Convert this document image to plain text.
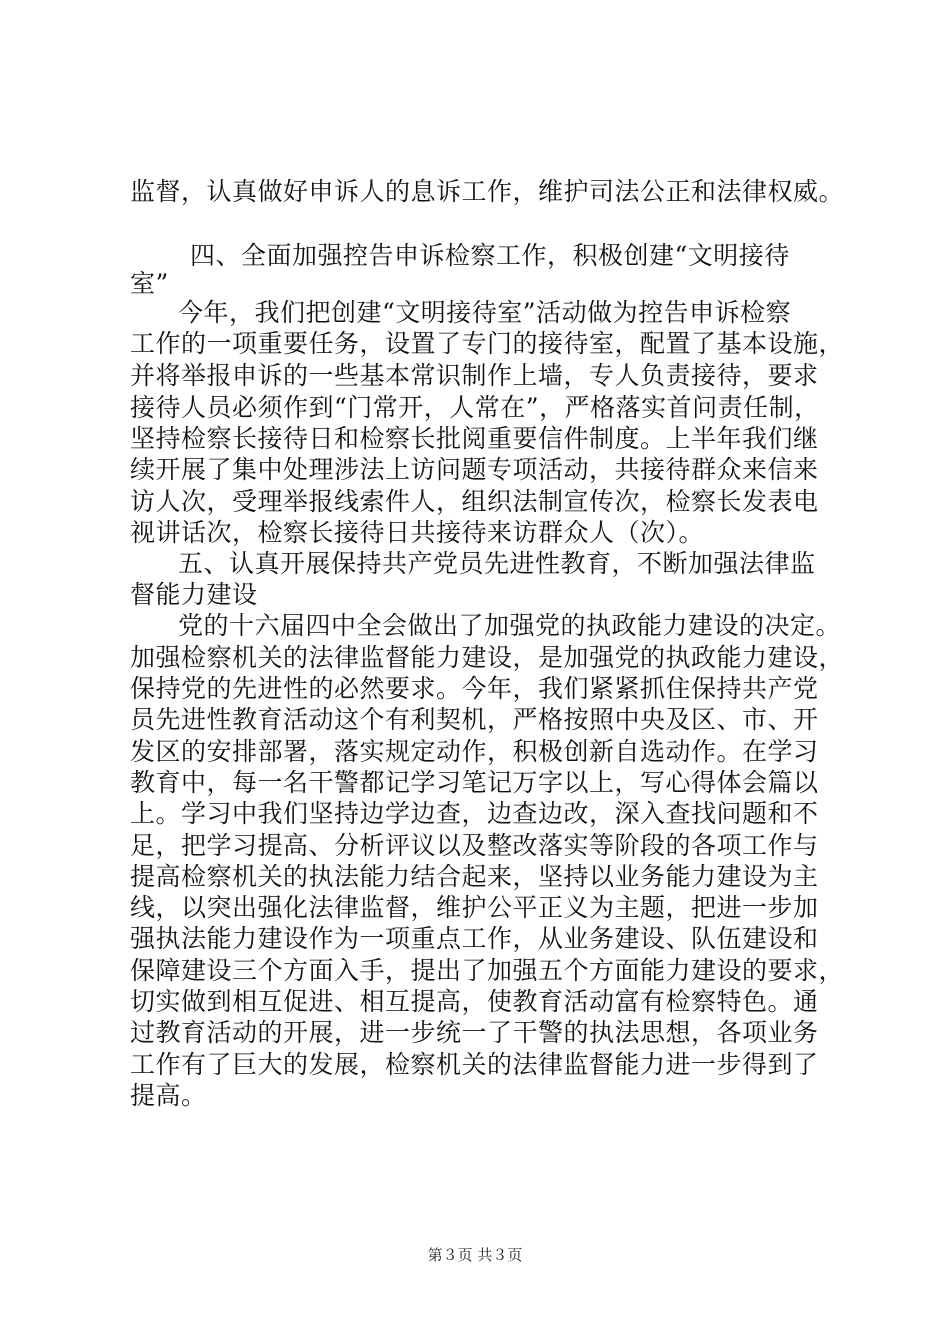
监督，认真做好申诉人的息诉工作，维护司法公正和法律权威。
四、全面加强控告申诉检察工作，积极创建“文明接待
室”
今年，我们把创建“文明接待室”活动做为控告申诉检察
工作的一项重要任务，设置了专门的接待室，配置了基本设施，
并将举报申诉的一些基本常识制作上墙，专人负责接待，要求
接待人员必须作到“门常开，人常在”，严格落实首问责任制，
坚持检察长接待日和检察长批阅重要信件制度。上半年我们继
续开展了集中处理涉法上访问题专项活动，共接待群众来信来
访人次，受理举报线索件人，组织法制宣传次，检察长发表电
视讲话次，检察长接待日共接待来访群众人（次）。
五、认真开展保持共产党员先进性教育，不断加强法律监
督能力建设
党的十六届四中全会做出了加强党的执政能力建设的决定。
加强检察机关的法律监督能力建设，是加强党的执政能力建设，
保持党的先进性的必然要求。今年，我们紧紧抓住保持共产党
员先进性教育活动这个有利契机，严格按照中央及区、市、开
发区的安排部署，落实规定动作，积极创新自选动作。在学习
教育中，每一名干警都记学习笔记万字以上，写心得体会篇以
上。学习中我们坚持边学边查，边查边改，深入查找问题和不
足，把学习提高、分析评议以及整改落实等阶段的各项工作与
提高检察机关的执法能力结合起来，坚持以业务能力建设为主
线，以突出强化法律监督，维护公平正义为主题，把进一步加
强执法能力建设作为一项重点工作，从业务建设、队伍建设和
保障建设三个方面入手，提出了加强五个方面能力建设的要求，
切实做到相互促进、相互提高，使教育活动富有检察特色。通
过教育活动的开展，进一步统一了干警的执法思想，各项业务
工作有了巨大的发展，检察机关的法律监督能力进一步得到了
提高。
第３页 共３页
